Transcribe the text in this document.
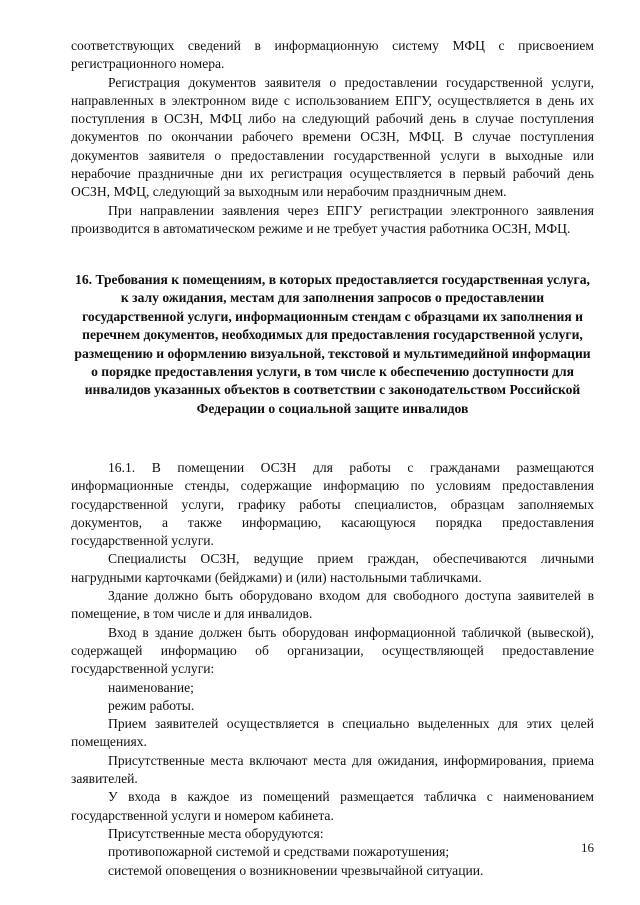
соответствующих сведений в информационную систему МФЦ с присвоением регистрационного номера.

Регистрация документов заявителя о предоставлении государственной услуги, направленных в электронном виде с использованием ЕПГУ, осуществляется в день их поступления в ОСЗН, МФЦ либо на следующий рабочий день в случае поступления документов по окончании рабочего времени ОСЗН, МФЦ. В случае поступления документов заявителя о предоставлении государственной услуги в выходные или нерабочие праздничные дни их регистрация осуществляется в первый рабочий день ОСЗН, МФЦ, следующий за выходным или нерабочим праздничным днем.

При направлении заявления через ЕПГУ регистрации электронного заявления производится в автоматическом режиме и не требует участия работника ОСЗН, МФЦ.

16. Требования к помещениям, в которых предоставляется государственная услуга, к залу ожидания, местам для заполнения запросов о предоставлении государственной услуги, информационным стендам с образцами их заполнения и перечнем документов, необходимых для предоставления государственной услуги, размещению и оформлению визуальной, текстовой и мультимедийной информации о порядке предоставления услуги, в том числе к обеспечению доступности для инвалидов указанных объектов в соответствии с законодательством Российской Федерации о социальной защите инвалидов

16.1. В помещении ОСЗН для работы с гражданами размещаются информационные стенды, содержащие информацию по условиям предоставления государственной услуги, графику работы специалистов, образцам заполняемых документов, а также информацию, касающуюся порядка предоставления государственной услуги.

Специалисты ОСЗН, ведущие прием граждан, обеспечиваются личными нагрудными карточками (бейджами) и (или) настольными табличками.

Здание должно быть оборудовано входом для свободного доступа заявителей в помещение, в том числе и для инвалидов.

Вход в здание должен быть оборудован информационной табличкой (вывеской), содержащей информацию об организации, осуществляющей предоставление государственной услуги:

наименование;

режим работы.

Прием заявителей осуществляется в специально выделенных для этих целей помещениях.

Присутственные места включают места для ожидания, информирования, приема заявителей.

У входа в каждое из помещений размещается табличка с наименованием государственной услуги и номером кабинета.

Присутственные места оборудуются:

противопожарной системой и средствами пожаротушения;

системой оповещения о возникновении чрезвычайной ситуации.

16
